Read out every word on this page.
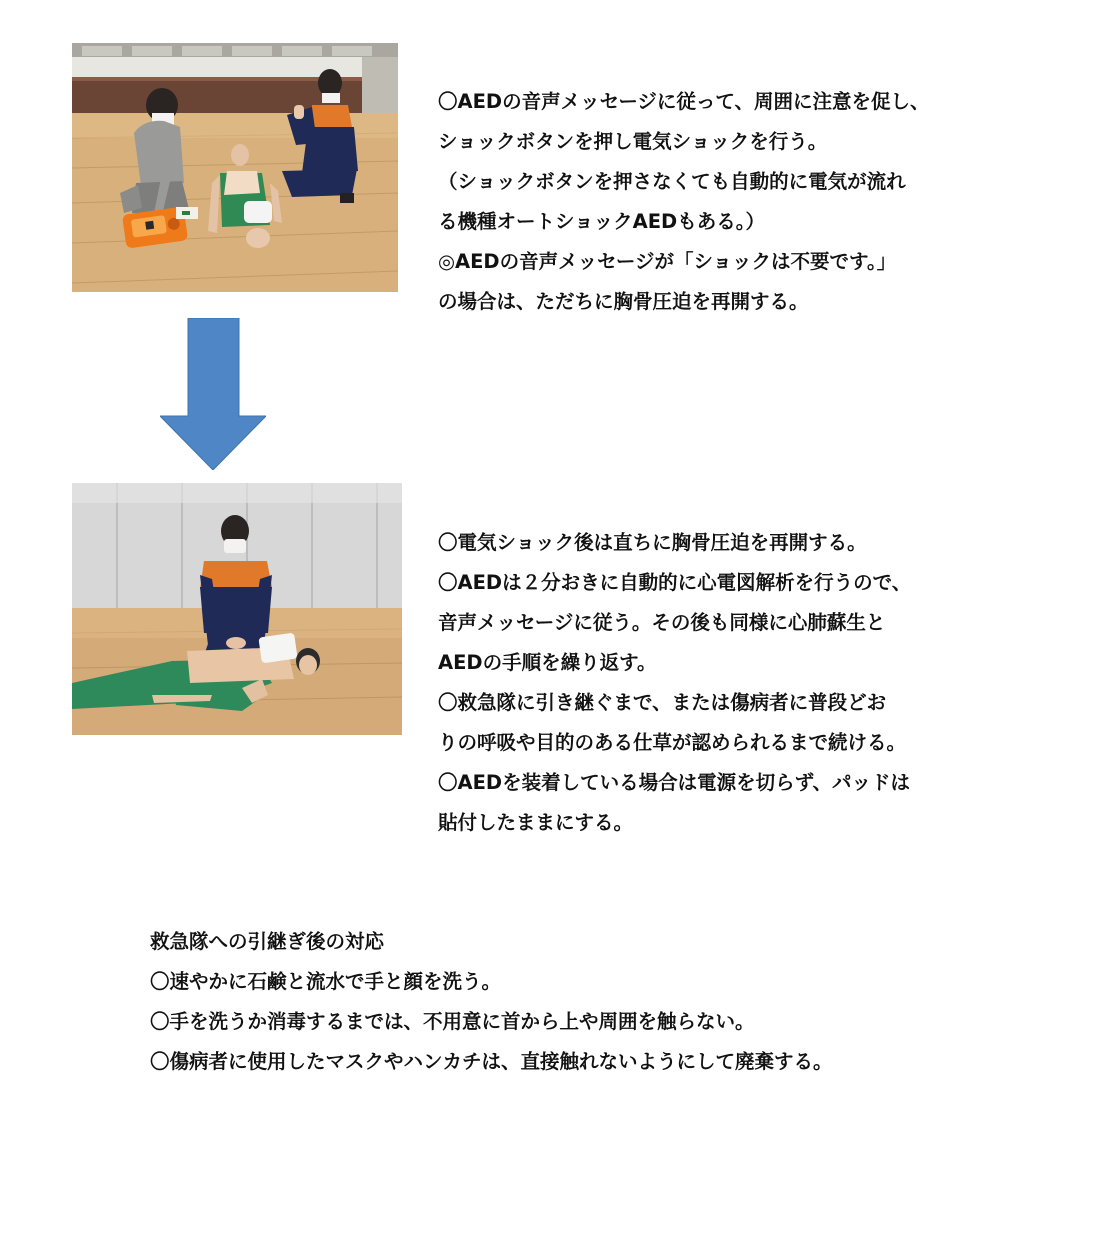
〇AEDの音声メッセージに従って、周囲に注意を促し、
ショックボタンを押し電気ショックを行う。
（ショックボタンを押さなくても自動的に電気が流れ
る機種オートショックAEDもある。）
◎AEDの音声メッセージが「ショックは不要です。」
の場合は、ただちに胸骨圧迫を再開する。
〇電気ショック後は直ちに胸骨圧迫を再開する。
〇AEDは２分おきに自動的に心電図解析を行うので、
音声メッセージに従う。その後も同様に心肺蘇生と
AEDの手順を繰り返す。
〇救急隊に引き継ぐまで、または傷病者に普段どお
りの呼吸や目的のある仕草が認められるまで続ける。
〇AEDを装着している場合は電源を切らず、パッドは
貼付したままにする。
救急隊への引継ぎ後の対応
〇速やかに石鹸と流水で手と顔を洗う。
〇手を洗うか消毒するまでは、不用意に首から上や周囲を触らない。
〇傷病者に使用したマスクやハンカチは、直接触れないようにして廃棄する。
